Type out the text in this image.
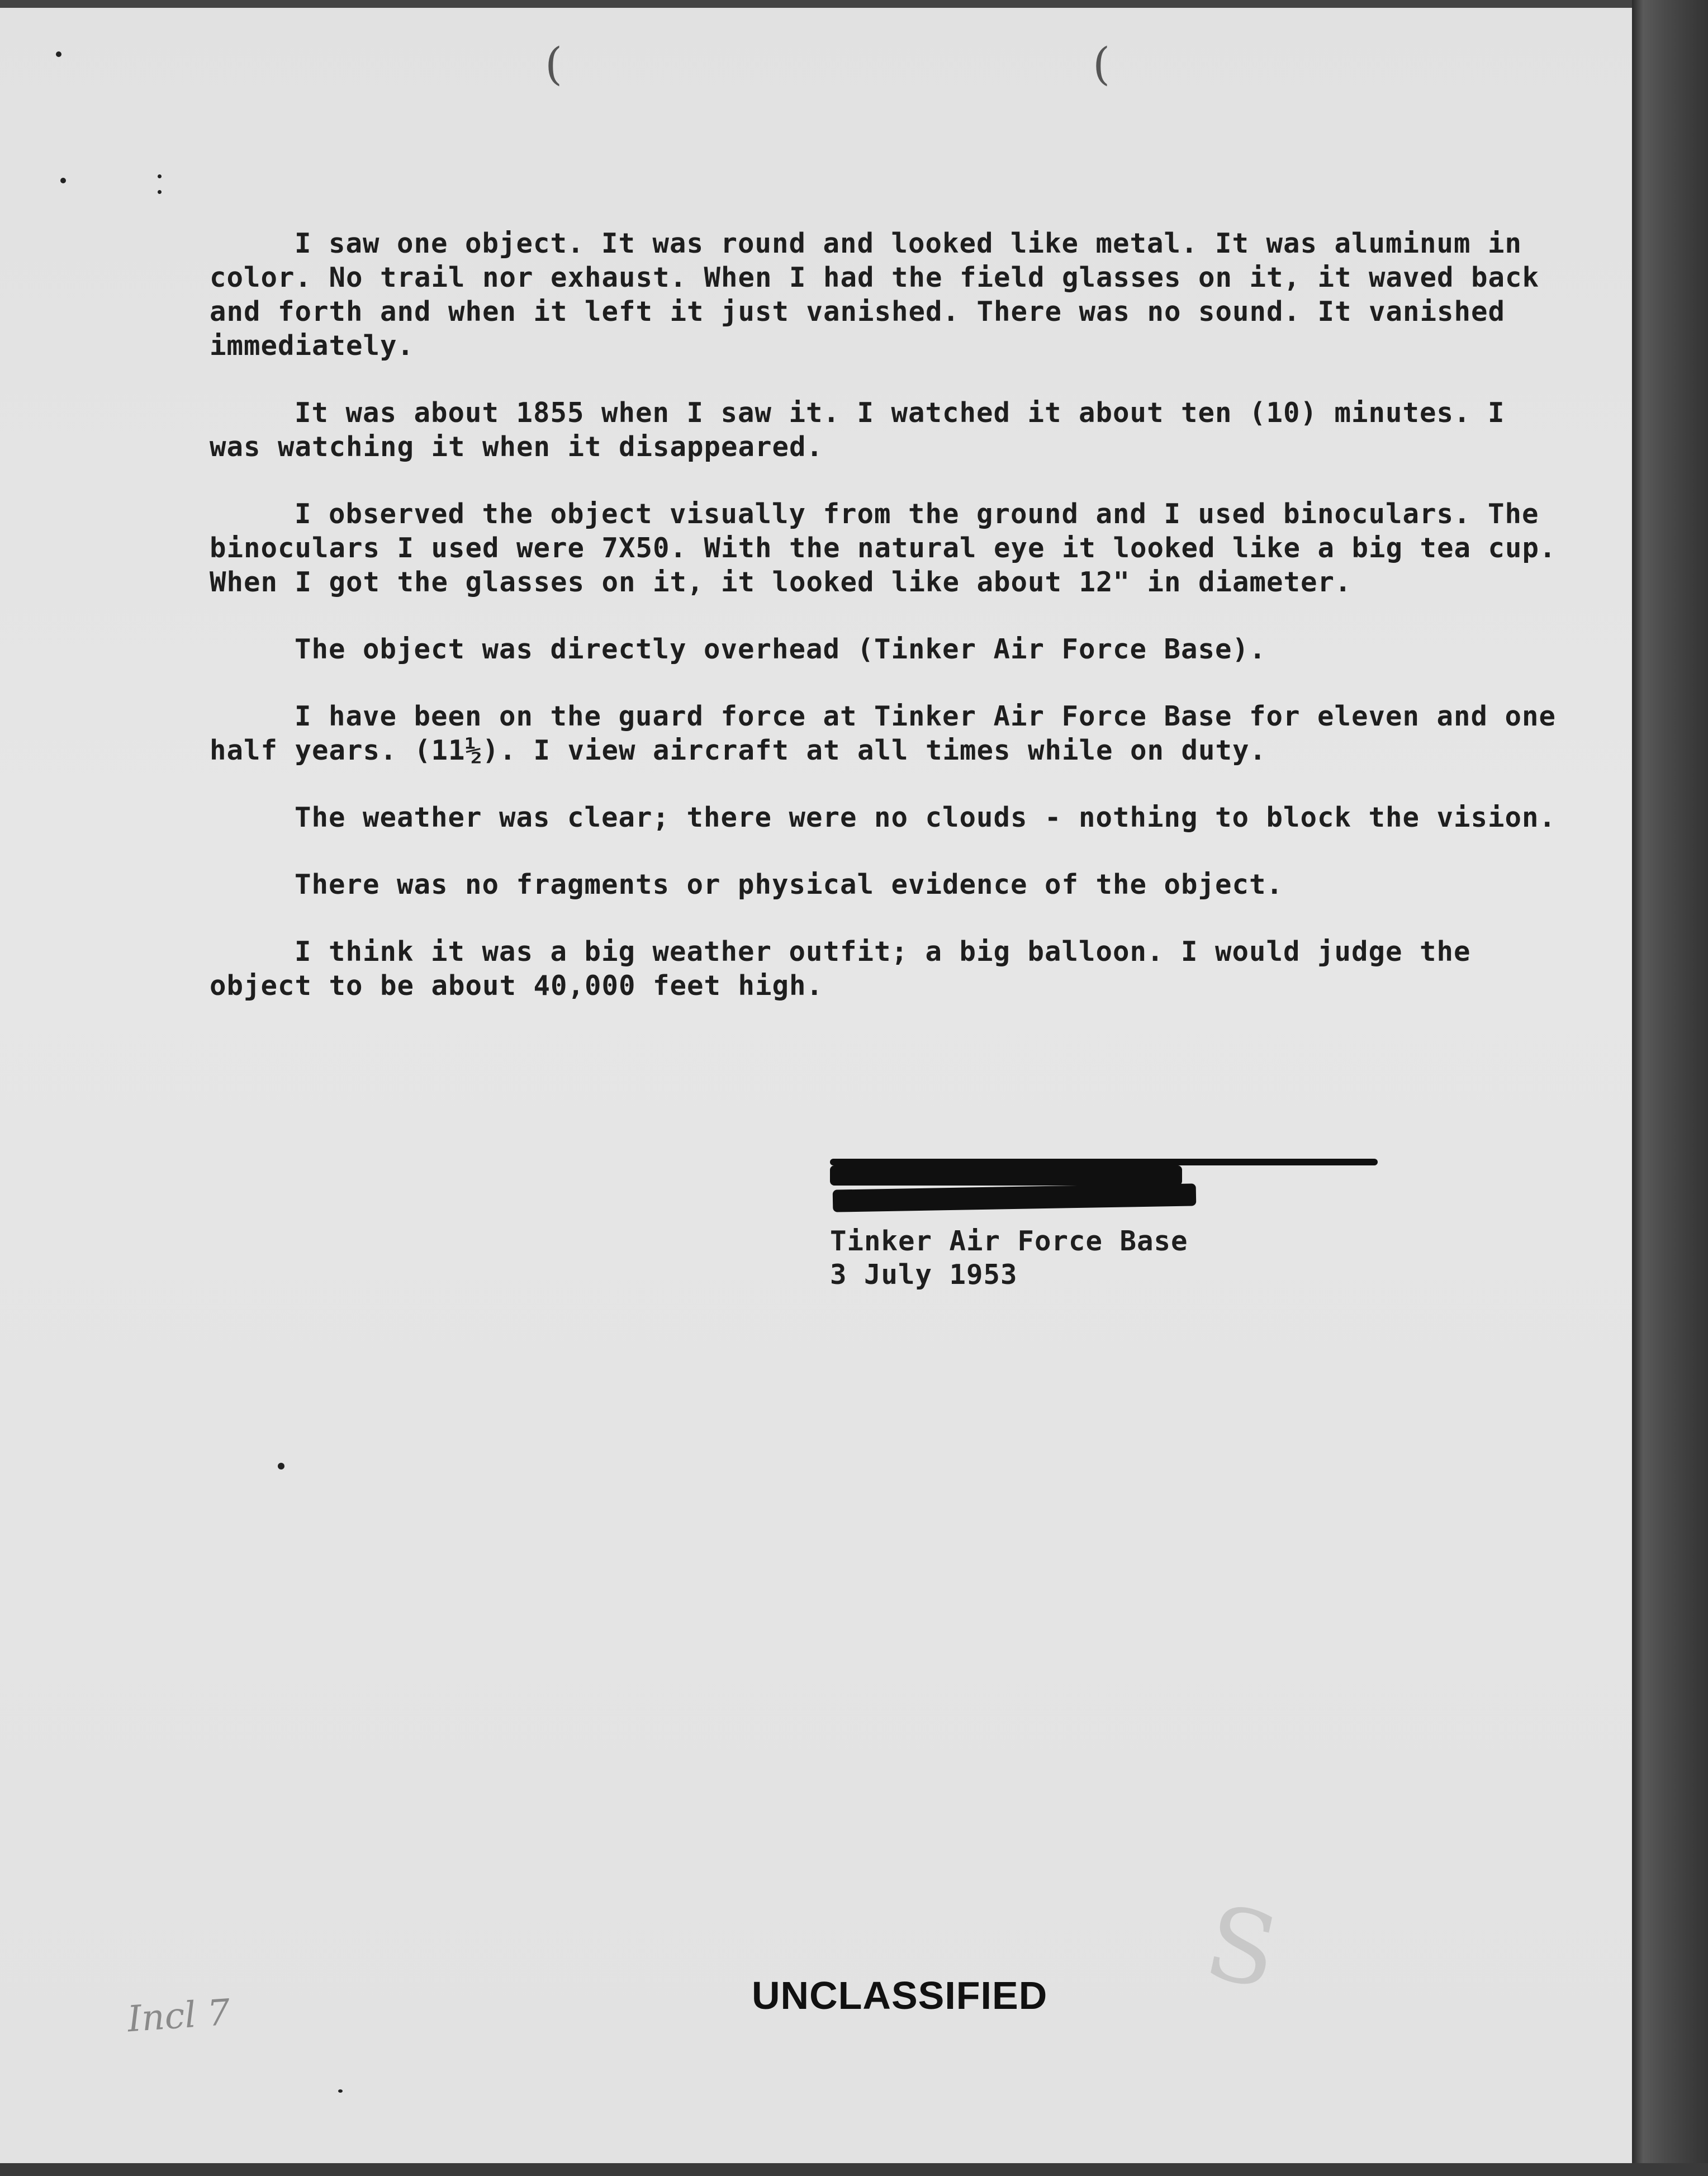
(	(

I saw one object. It was round and looked like metal. It was aluminum in color. No trail nor exhaust. When I had the field glasses on it, it waved back and forth and when it left it just vanished. There was no sound. It vanished immediately.

It was about 1855 when I saw it. I watched it about ten (10) minutes. I was watching it when it disappeared.

I observed the object visually from the ground and I used binoculars. The binoculars I used were 7X50. With the natural eye it looked like a big tea cup. When I got the glasses on it, it looked like about 12" in diameter.

The object was directly overhead (Tinker Air Force Base).

I have been on the guard force at Tinker Air Force Base for eleven and one half years. (11½). I view aircraft at all times while on duty.

The weather was clear; there were no clouds - nothing to block the vision.

There was no fragments or physical evidence of the object.

I think it was a big weather outfit; a big balloon. I would judge the object to be about 40,000 feet high.

Tinker Air Force Base
3 July 1953
S
UNCLASSIFIED
Incl 7
